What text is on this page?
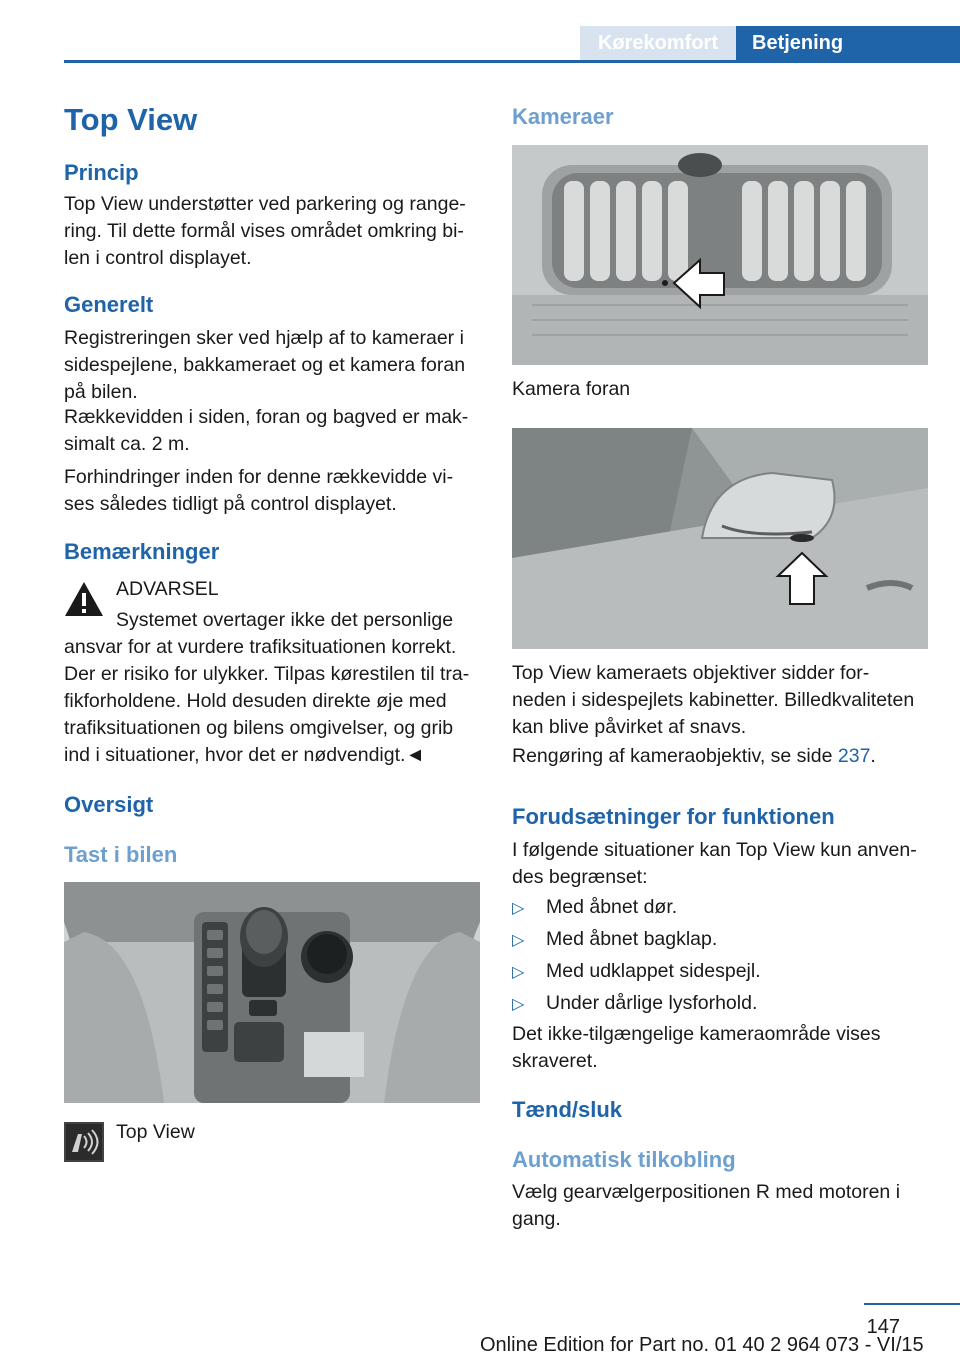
Kørekomfort	Betjening
Top View
Princip
Top View understøtter ved parkering og range-
ring. Til dette formål vises området omkring bi-
len i control displayet.
Generelt
Registreringen sker ved hjælp af to kameraer i
sidespejlene, bakkameraet og et kamera foran
på bilen.
Rækkevidden i siden, foran og bagved er mak-
simalt ca. 2 m.
Forhindringer inden for denne rækkevidde vi-
ses således tidligt på control displayet.
Bemærkninger
ADVARSEL
Systemet overtager ikke det personlige
ansvar for at vurdere trafiksituationen korrekt.
Der er risiko for ulykker. Tilpas kørestilen til tra-
fikforholdene. Hold desuden direkte øje med
trafiksituationen og bilens omgivelser, og grib
ind i situationer, hvor det er nødvendigt.◄
Oversigt
Tast i bilen
Top View
Kameraer
Kamera foran
Top View kameraets objektiver sidder for-
neden i sidespejlets kabinetter. Billedkvaliteten
kan blive påvirket af snavs.
Rengøring af kameraobjektiv, se side 237.
Forudsætninger for funktionen
I følgende situationer kan Top View kun anven-
des begrænset:
▷ Med åbnet dør.
▷ Med åbnet bagklap.
▷ Med udklappet sidespejl.
▷ Under dårlige lysforhold.
Det ikke-tilgængelige kameraområde vises
skraveret.
Tænd/sluk
Automatisk tilkobling
Vælg gearvælgerpositionen R med motoren i
gang.
147
Online Edition for Part no. 01 40 2 964 073 - VI/15
